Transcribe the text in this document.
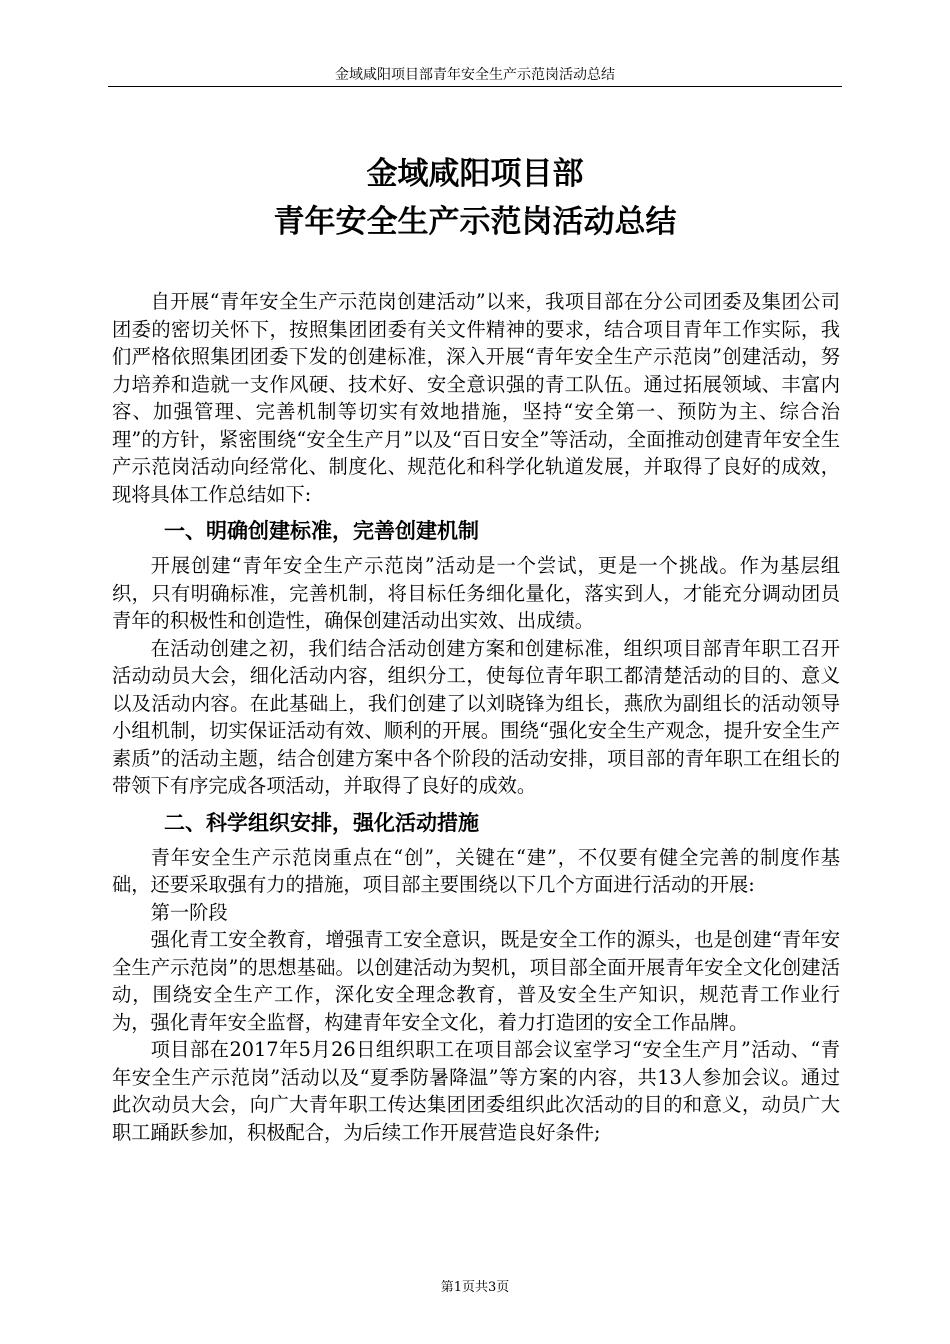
金域咸阳项目部青年安全生产示范岗活动总结
金域咸阳项目部
青年安全生产示范岗活动总结

自开展“青年安全生产示范岗创建活动”以来，我项目部在分公司团委及集团公司团委的密切关怀下，按照集团团委有关文件精神的要求，结合项目青年工作实际，我们严格依照集团团委下发的创建标准，深入开展“青年安全生产示范岗”创建活动，努力培养和造就一支作风硬、技术好、安全意识强的青工队伍。通过拓展领域、丰富内容、加强管理、完善机制等切实有效地措施，坚持“安全第一、预防为主、综合治理”的方针，紧密围绕“安全生产月”以及“百日安全”等活动，全面推动创建青年安全生产示范岗活动向经常化、制度化、规范化和科学化轨道发展，并取得了良好的成效，现将具体工作总结如下:

一、明确创建标准，完善创建机制

开展创建“青年安全生产示范岗”活动是一个尝试，更是一个挑战。作为基层组织，只有明确标准，完善机制，将目标任务细化量化，落实到人，才能充分调动团员青年的积极性和创造性，确保创建活动出实效、出成绩。

在活动创建之初，我们结合活动创建方案和创建标准，组织项目部青年职工召开活动动员大会，细化活动内容，组织分工，使每位青年职工都清楚活动的目的、意义以及活动内容。在此基础上，我们创建了以刘晓锋为组长，燕欣为副组长的活动领导小组机制，切实保证活动有效、顺利的开展。围绕“强化安全生产观念，提升安全生产素质”的活动主题，结合创建方案中各个阶段的活动安排，项目部的青年职工在组长的带领下有序完成各项活动，并取得了良好的成效。

二、科学组织安排，强化活动措施

青年安全生产示范岗重点在“创”，关键在“建”，不仅要有健全完善的制度作基础，还要采取强有力的措施，项目部主要围绕以下几个方面进行活动的开展:

第一阶段

强化青工安全教育，增强青工安全意识，既是安全工作的源头，也是创建“青年安全生产示范岗”的思想基础。以创建活动为契机，项目部全面开展青年安全文化创建活动，围绕安全生产工作，深化安全理念教育，普及安全生产知识，规范青工作业行为，强化青年安全监督，构建青年安全文化，着力打造团的安全工作品牌。

项目部在2017年5月26日组织职工在项目部会议室学习“安全生产月”活动、“青年安全生产示范岗”活动以及“夏季防暑降温”等方案的内容，共13人参加会议。通过此次动员大会，向广大青年职工传达集团团委组织此次活动的目的和意义，动员广大职工踊跃参加，积极配合，为后续工作开展营造良好条件;

第1页共3页
